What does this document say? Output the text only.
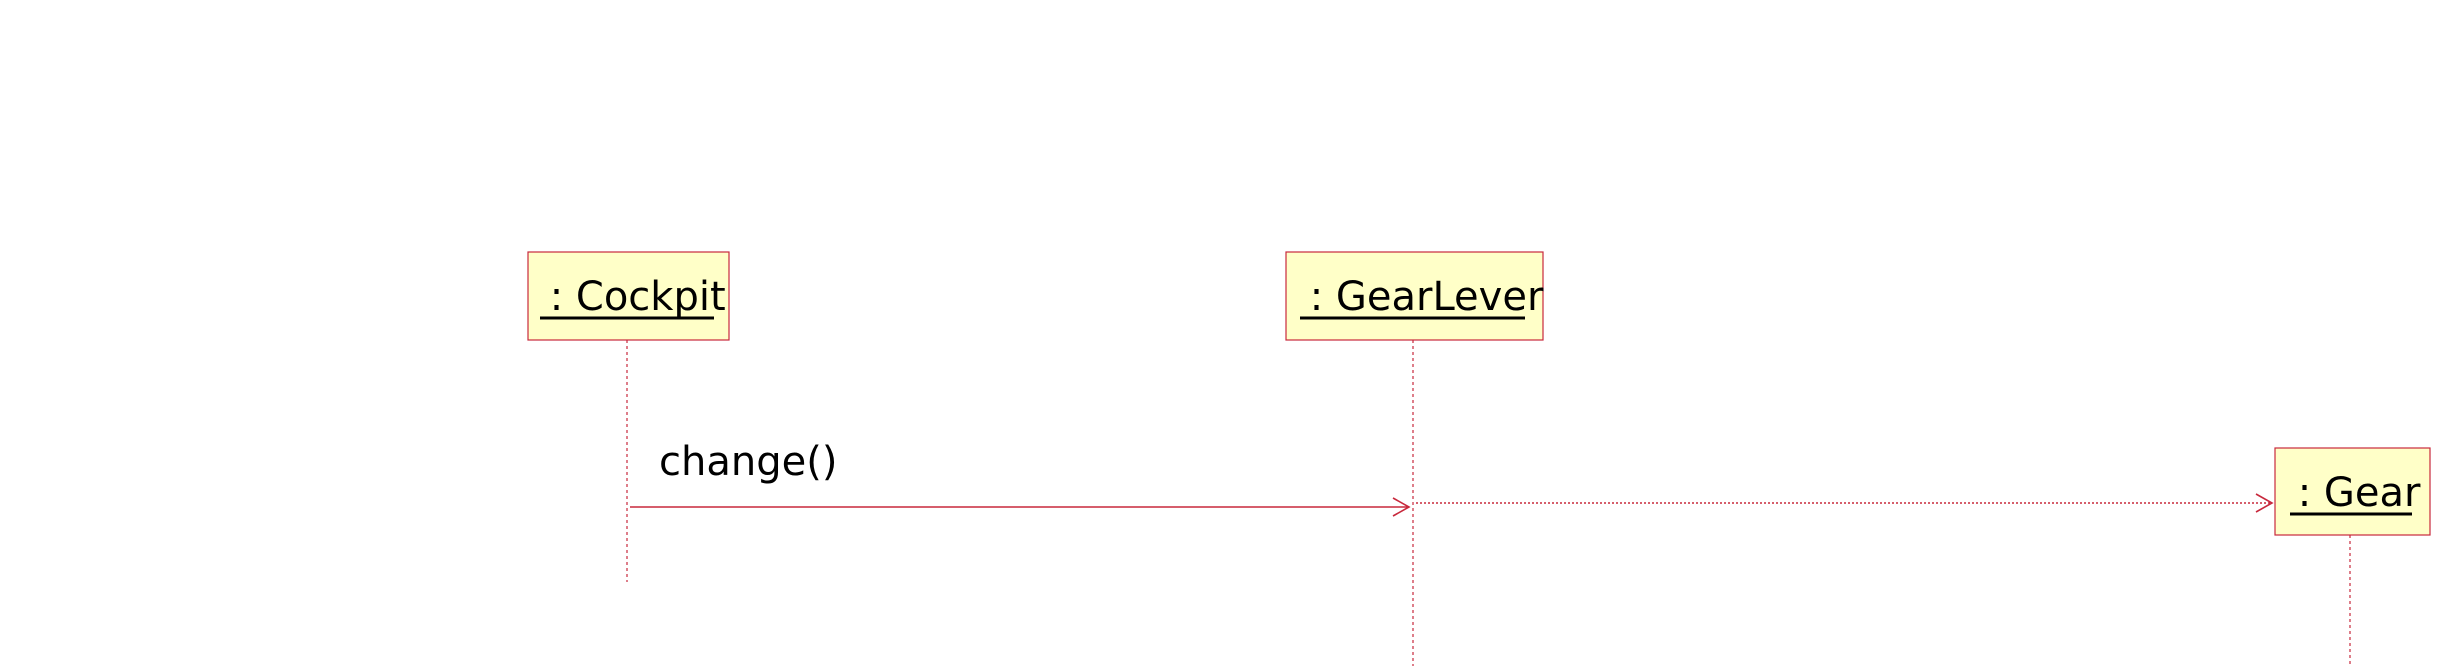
: Cockpit	: GearLever
: Gear
change()
